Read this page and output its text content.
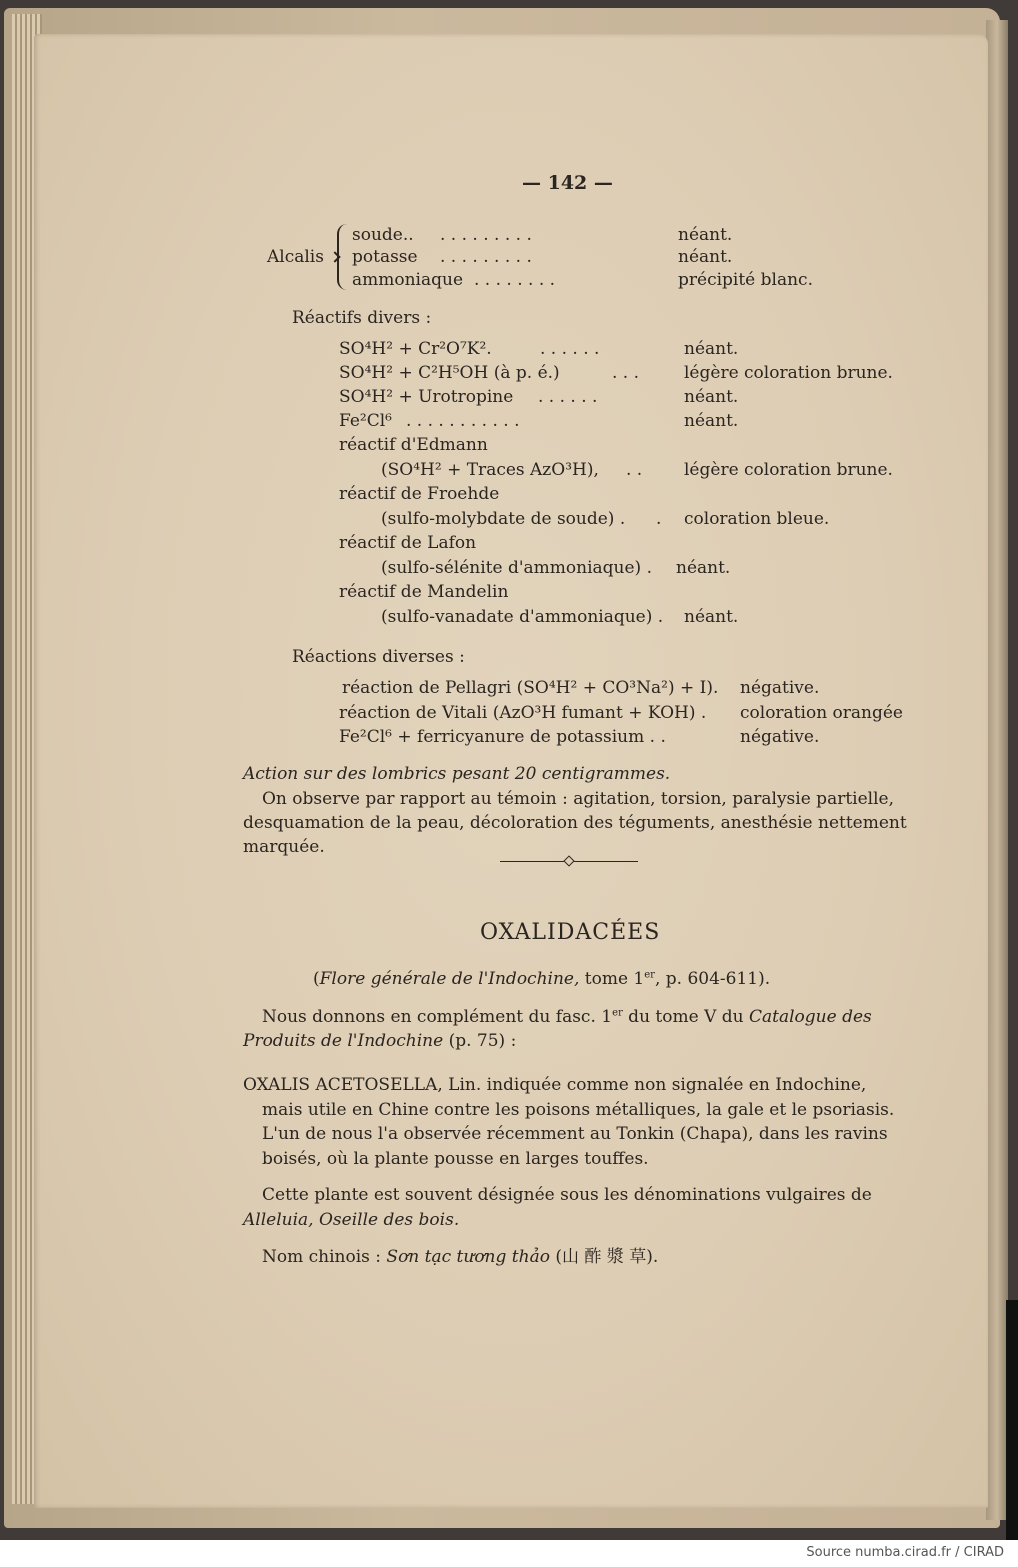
— 142 —
Alcalis
soude.. . . . . . . . . .	néant.
potasse . . . . . . . . .	néant.
ammoniaque . . . . . . . .	précipité blanc.
Réactifs divers :
SO⁴H² + Cr²O⁷K².	. . . . . .	néant.
SO⁴H² + C²H⁵OH (à p. é.)	. . .	légère coloration brune.
SO⁴H² + Urotropine . . . . . .	néant.
Fe²Cl⁶ . . . . . . . . . . .	néant.
réactif d'Edmann
(SO⁴H² + Traces AzO³H), . . légère coloration brune.
réactif de Froehde
(sulfo-molybdate de soude) . . coloration bleue.
réactif de Lafon
(sulfo-sélénite d'ammoniaque) . néant.
réactif de Mandelin
(sulfo-vanadate d'ammoniaque) . néant.
Réactions diverses :
réaction de Pellagri (SO⁴H² + CO³Na²) + I). négative.
réaction de Vitali (AzO³H fumant + KOH) . coloration orangée
Fe²Cl⁶ + ferricyanure de potassium . .	négative.
Action sur des lombrics pesant 20 centigrammes.
On observe par rapport au témoin : agitation, torsion, paralysie partielle,
desquamation de la peau, décoloration des téguments, anesthésie nettement
marquée.
OXALIDACÉES
(Flore générale de l'Indochine, tome 1er, p. 604-611).
Nous donnons en complément du fasc. 1er du tome V du Catalogue des
Produits de l'Indochine (p. 75) :
OXALIS ACETOSELLA, Lin. indiquée comme non signalée en Indochine,
mais utile en Chine contre les poisons métalliques, la gale et le psoriasis.
L'un de nous l'a observée récemment au Tonkin (Chapa), dans les ravins
boisés, où la plante pousse en larges touffes.
Cette plante est souvent désignée sous les dénominations vulgaires de
Alleluia, Oseille des bois.
Nom chinois : Sơn tạc tương thảo (山 酢 漿 草).
Source numba.cirad.fr / CIRAD
